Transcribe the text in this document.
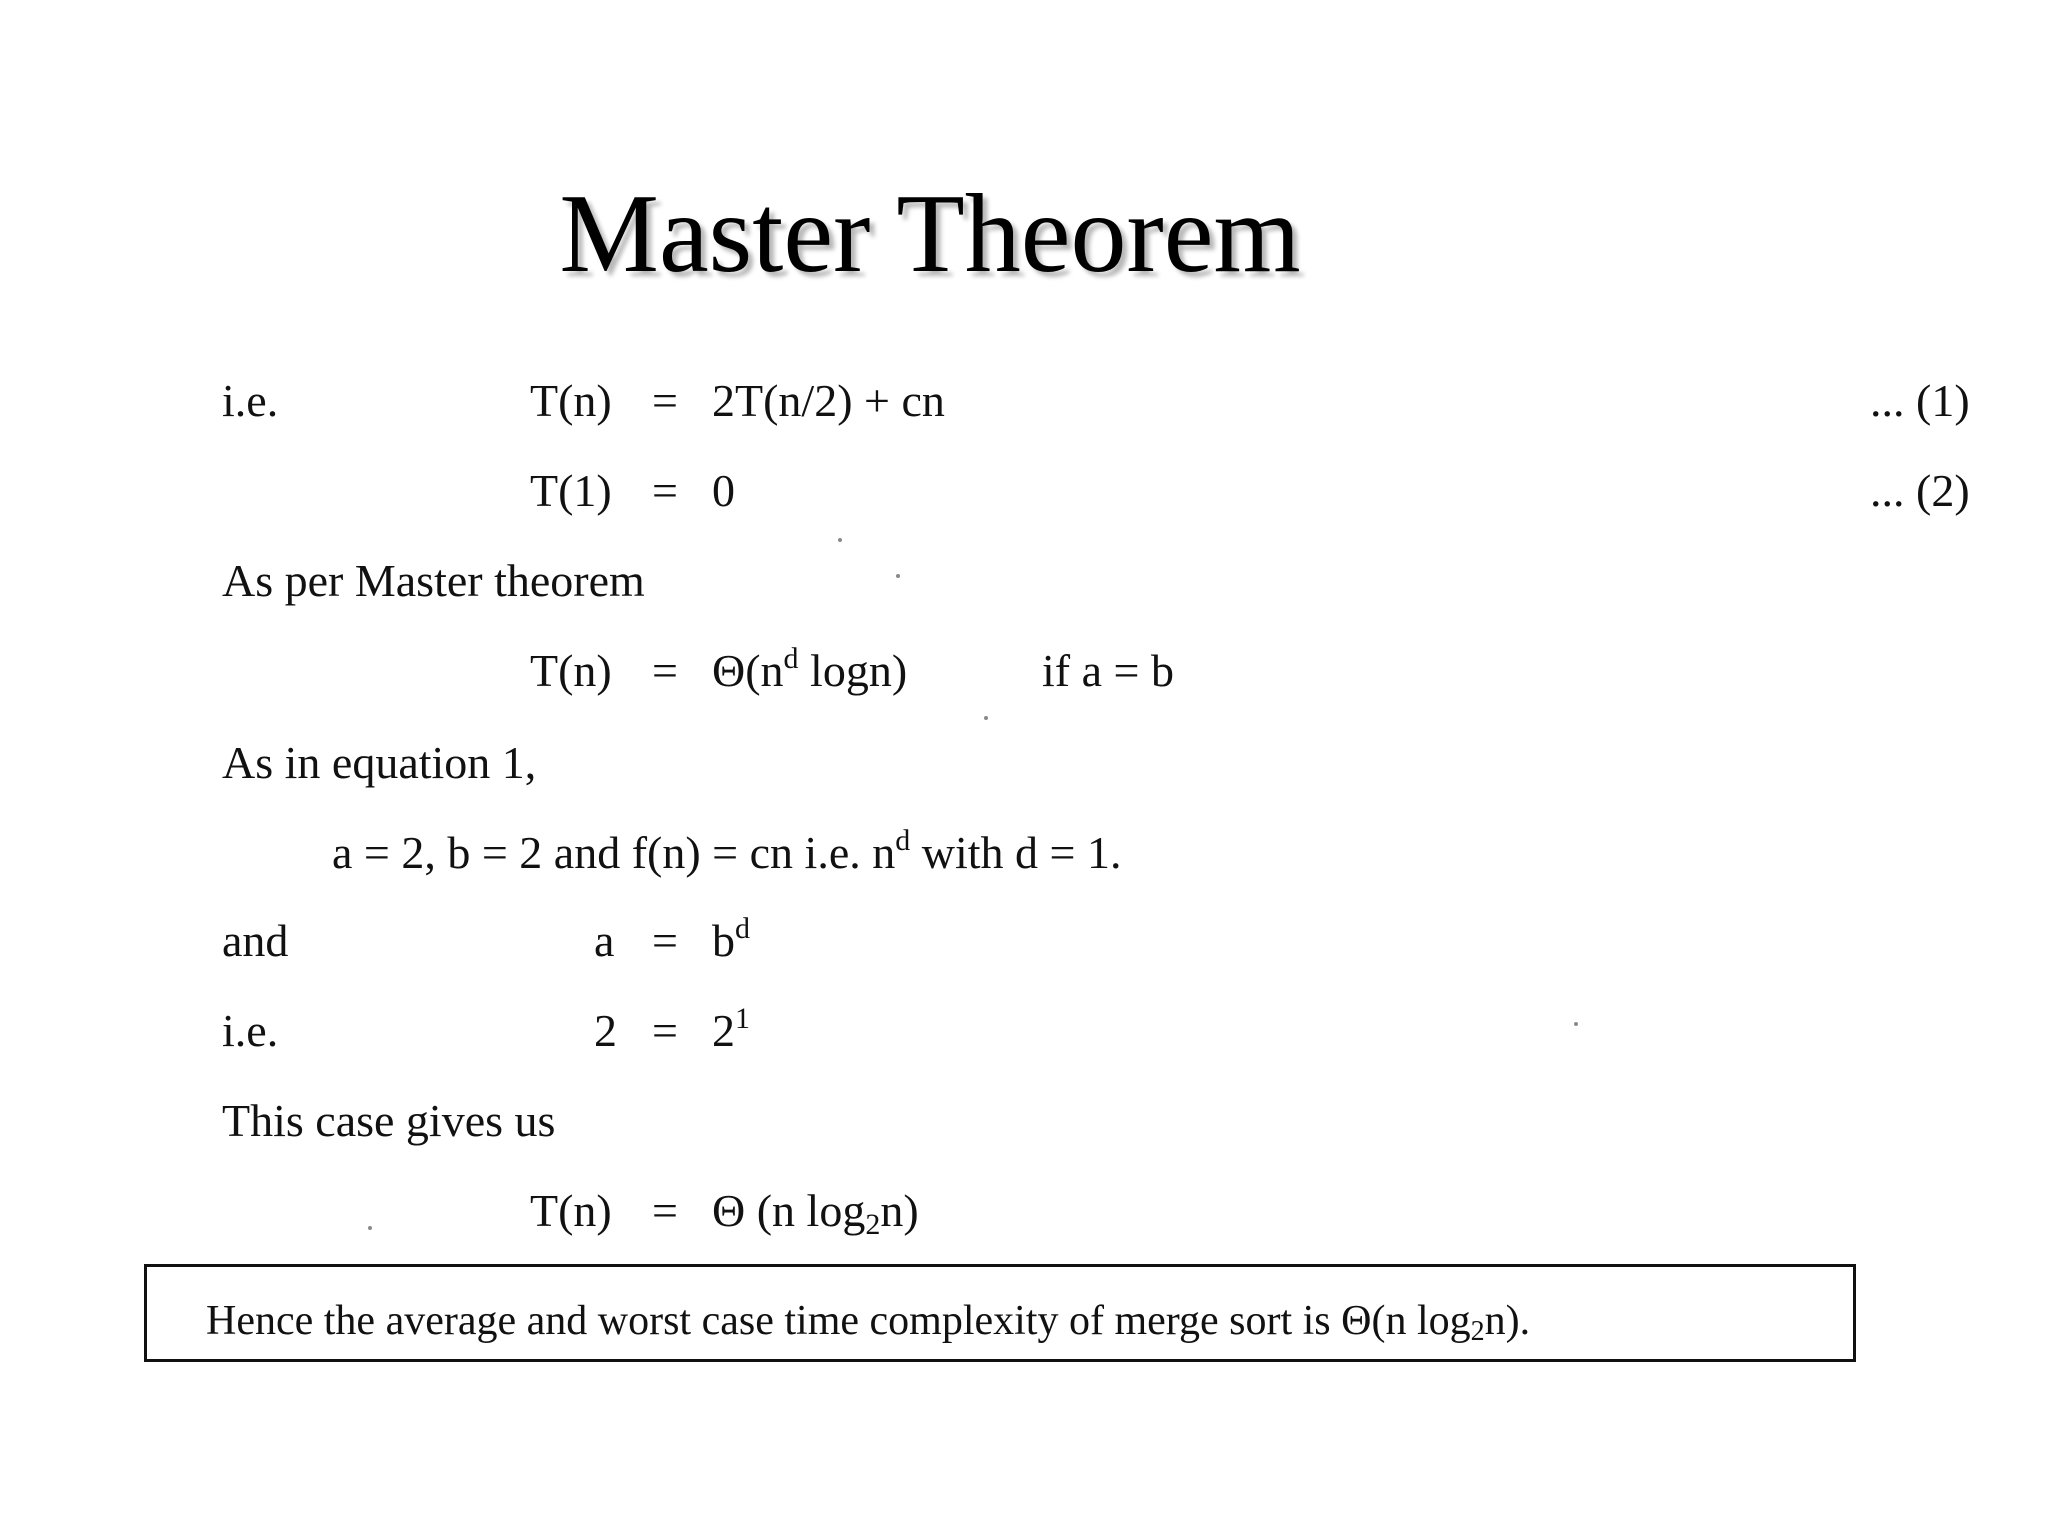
Master Theorem
i.e.	T(n) = 2T(n/2) + cn	... (1)
T(1) = 0	... (2)
As per Master theorem
$T(n) = \Theta(n^d$ logn)	if a = b
As in equation 1,
a = 2, b = 2 and f(n) = cn i.e. $n^d$ with d = 1.
and	$a = b^d$
i.e.	$2 = 2^1$
This case gives us
T(n) = Θ (n $\log_2n$)
Hence the average and worst case time complexity of merge sort is Θ(n $\log_2n$).
